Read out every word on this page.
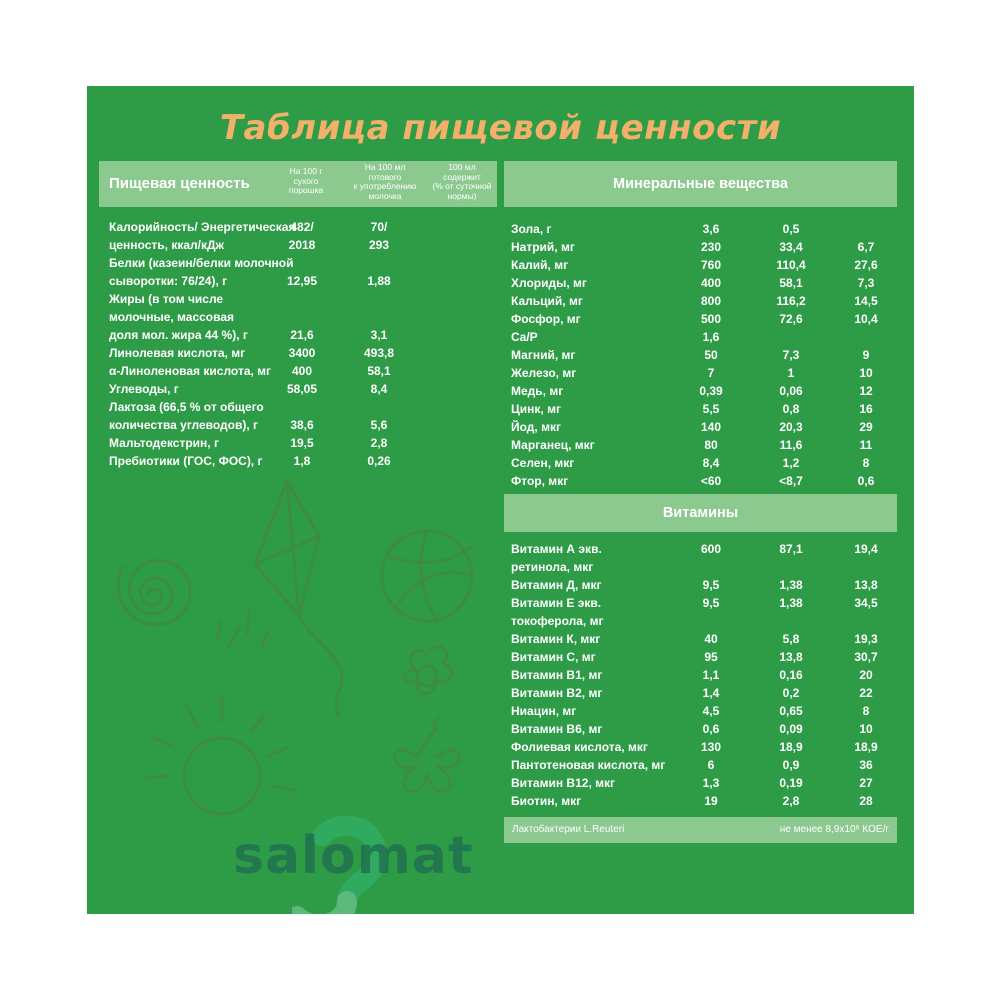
Таблица пищевой ценности
Пищевая ценность
На 100 г
сухого
порошка
На 100 мл
готового
к употреблению
молочка
100 мл
содержит
(% от суточной
нормы)
Калорийность/ Энергетическая
482/	70/
ценность, ккал/кДж	2018	293
Белки (казеин/белки молочной
сыворотки: 76/24), г	12,95	1,88
Жиры (в том числе
молочные, массовая
доля мол. жира 44 %), г	21,6	3,1
Линолевая кислота, мг	3400	493,8
α-Линоленовая кислота, мг	400	58,1
Углеводы, г	58,05	8,4
Лактоза (66,5 % от общего
количества углеводов), г	38,6	5,6
Мальтодекстрин, г	19,5	2,8
Пребиотики (ГОС, ФОС), г	1,8	0,26
Минеральные вещества
Зола, г	3,6	0,5
Натрий, мг	230	33,4	6,7
Калий, мг	760	110,4	27,6
Хлориды, мг	400	58,1	7,3
Кальций, мг	800	116,2	14,5
Фосфор, мг	500	72,6	10,4
Ca/P	1,6
Магний, мг	50	7,3	9
Железо, мг	7	1	10
Медь, мг	0,39	0,06	12
Цинк, мг	5,5	0,8	16
Йод, мкг	140	20,3	29
Марганец, мкг	80	11,6	11
Селен, мкг	8,4	1,2	8
Фтор, мкг	<60	<8,7	0,6
Витамины
Витамин А экв.	600	87,1	19,4
ретинола, мкг
Витамин Д, мкг	9,5	1,38	13,8
Витамин Е экв.	9,5	1,38	34,5
токоферола, мг
Витамин К, мкг	40	5,8	19,3
Витамин С, мг	95	13,8	30,7
Витамин В1, мг	1,1	0,16	20
Витамин В2, мг	1,4	0,2	22
Ниацин, мг	4,5	0,65	8
Витамин В6, мг	0,6	0,09	10
Фолиевая кислота, мкг	130	18,9	18,9
Пантотеновая кислота, мг	6	0,9	36
Витамин В12, мкг	1,3	0,19	27
Биотин, мкг	19	2,8	28
Лактобактерии L.Reuteri	не менее 8,9x10⁶ КОЕ/г
salomat
